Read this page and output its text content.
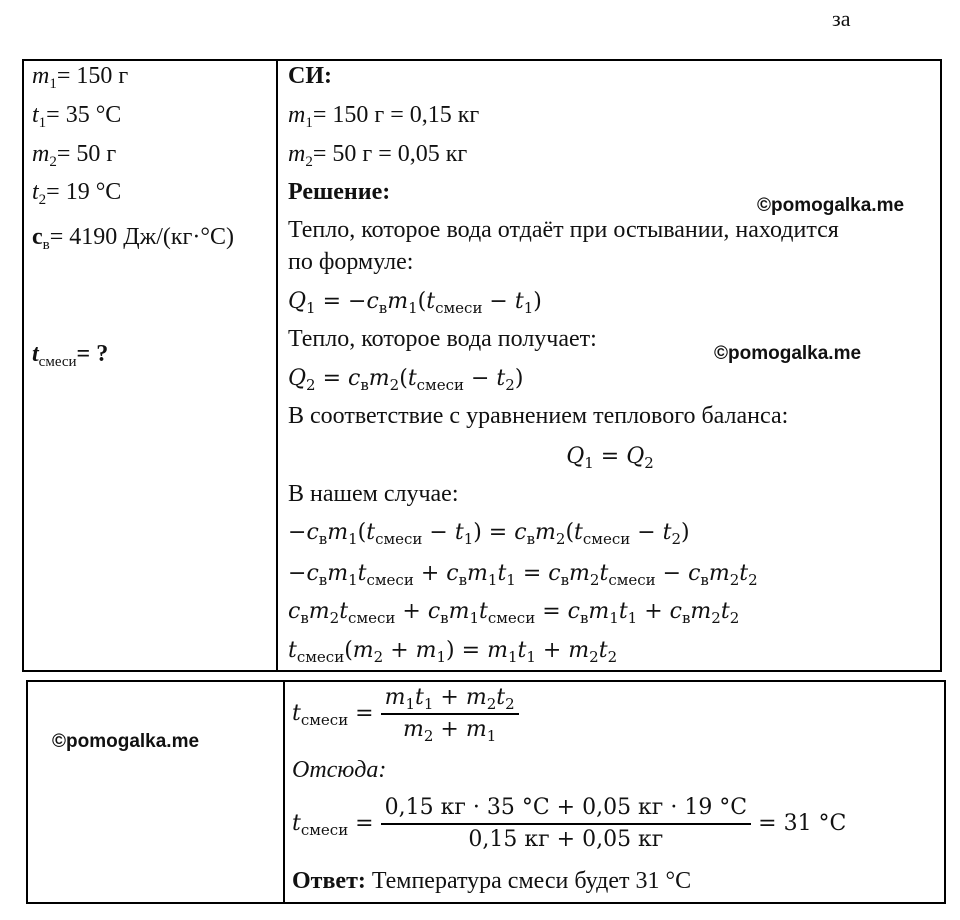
за
$m_1= 150$ г
$t_1= 35$ °C
$m_2= 50$ г
$t_2= 19$ °C
$c_в= 4190$ Дж/(кг·°C)
$t_{смеси}=$ ?
СИ:
$m_1= 150$ г = 0,15 кг
$m_2= 50$ г = 0,05 кг
Решение:
©pomogalka.me
Тепло, которое вода отдаёт при остывании, находится
по формуле:
$Q_1 = -c_вm_1(t_{смеси} - t_1)$
Тепло, которое вода получает:
©pomogalka.me
$Q_2 = c_вm_2(t_{смеси} - t_2)$
В соответствие с уравнением теплового баланса:
$Q_1 = Q_2$
В нашем случае:
$-c_вm_1(t_{смеси} - t_1) = c_вm_2(t_{смеси} - t_2)$
$-c_вm_1t_{смеси} + c_вm_1t_1 = c_вm_2t_{смеси} - c_вm_2t_2$
$c_вm_2t_{смеси} + c_вm_1t_{смеси} = c_вm_1t_1 + c_вm_2t_2$
$t_{смеси}(m_2 + m_1) = m_1t_1 + m_2t_2$
©pomogalka.me
$t_{смеси} = \frac{m_1t_1 + m_2t_2}{m_2 + m_1}$
Отсюда:
$t_{смеси} = \frac{0,15 кг \cdot 35 ^\circ C + 0,05 кг \cdot 19 ^\circ C}{0,15 кг + 0,05 кг} = 31$ °C
Ответ: Температура смеси будет 31 °C
